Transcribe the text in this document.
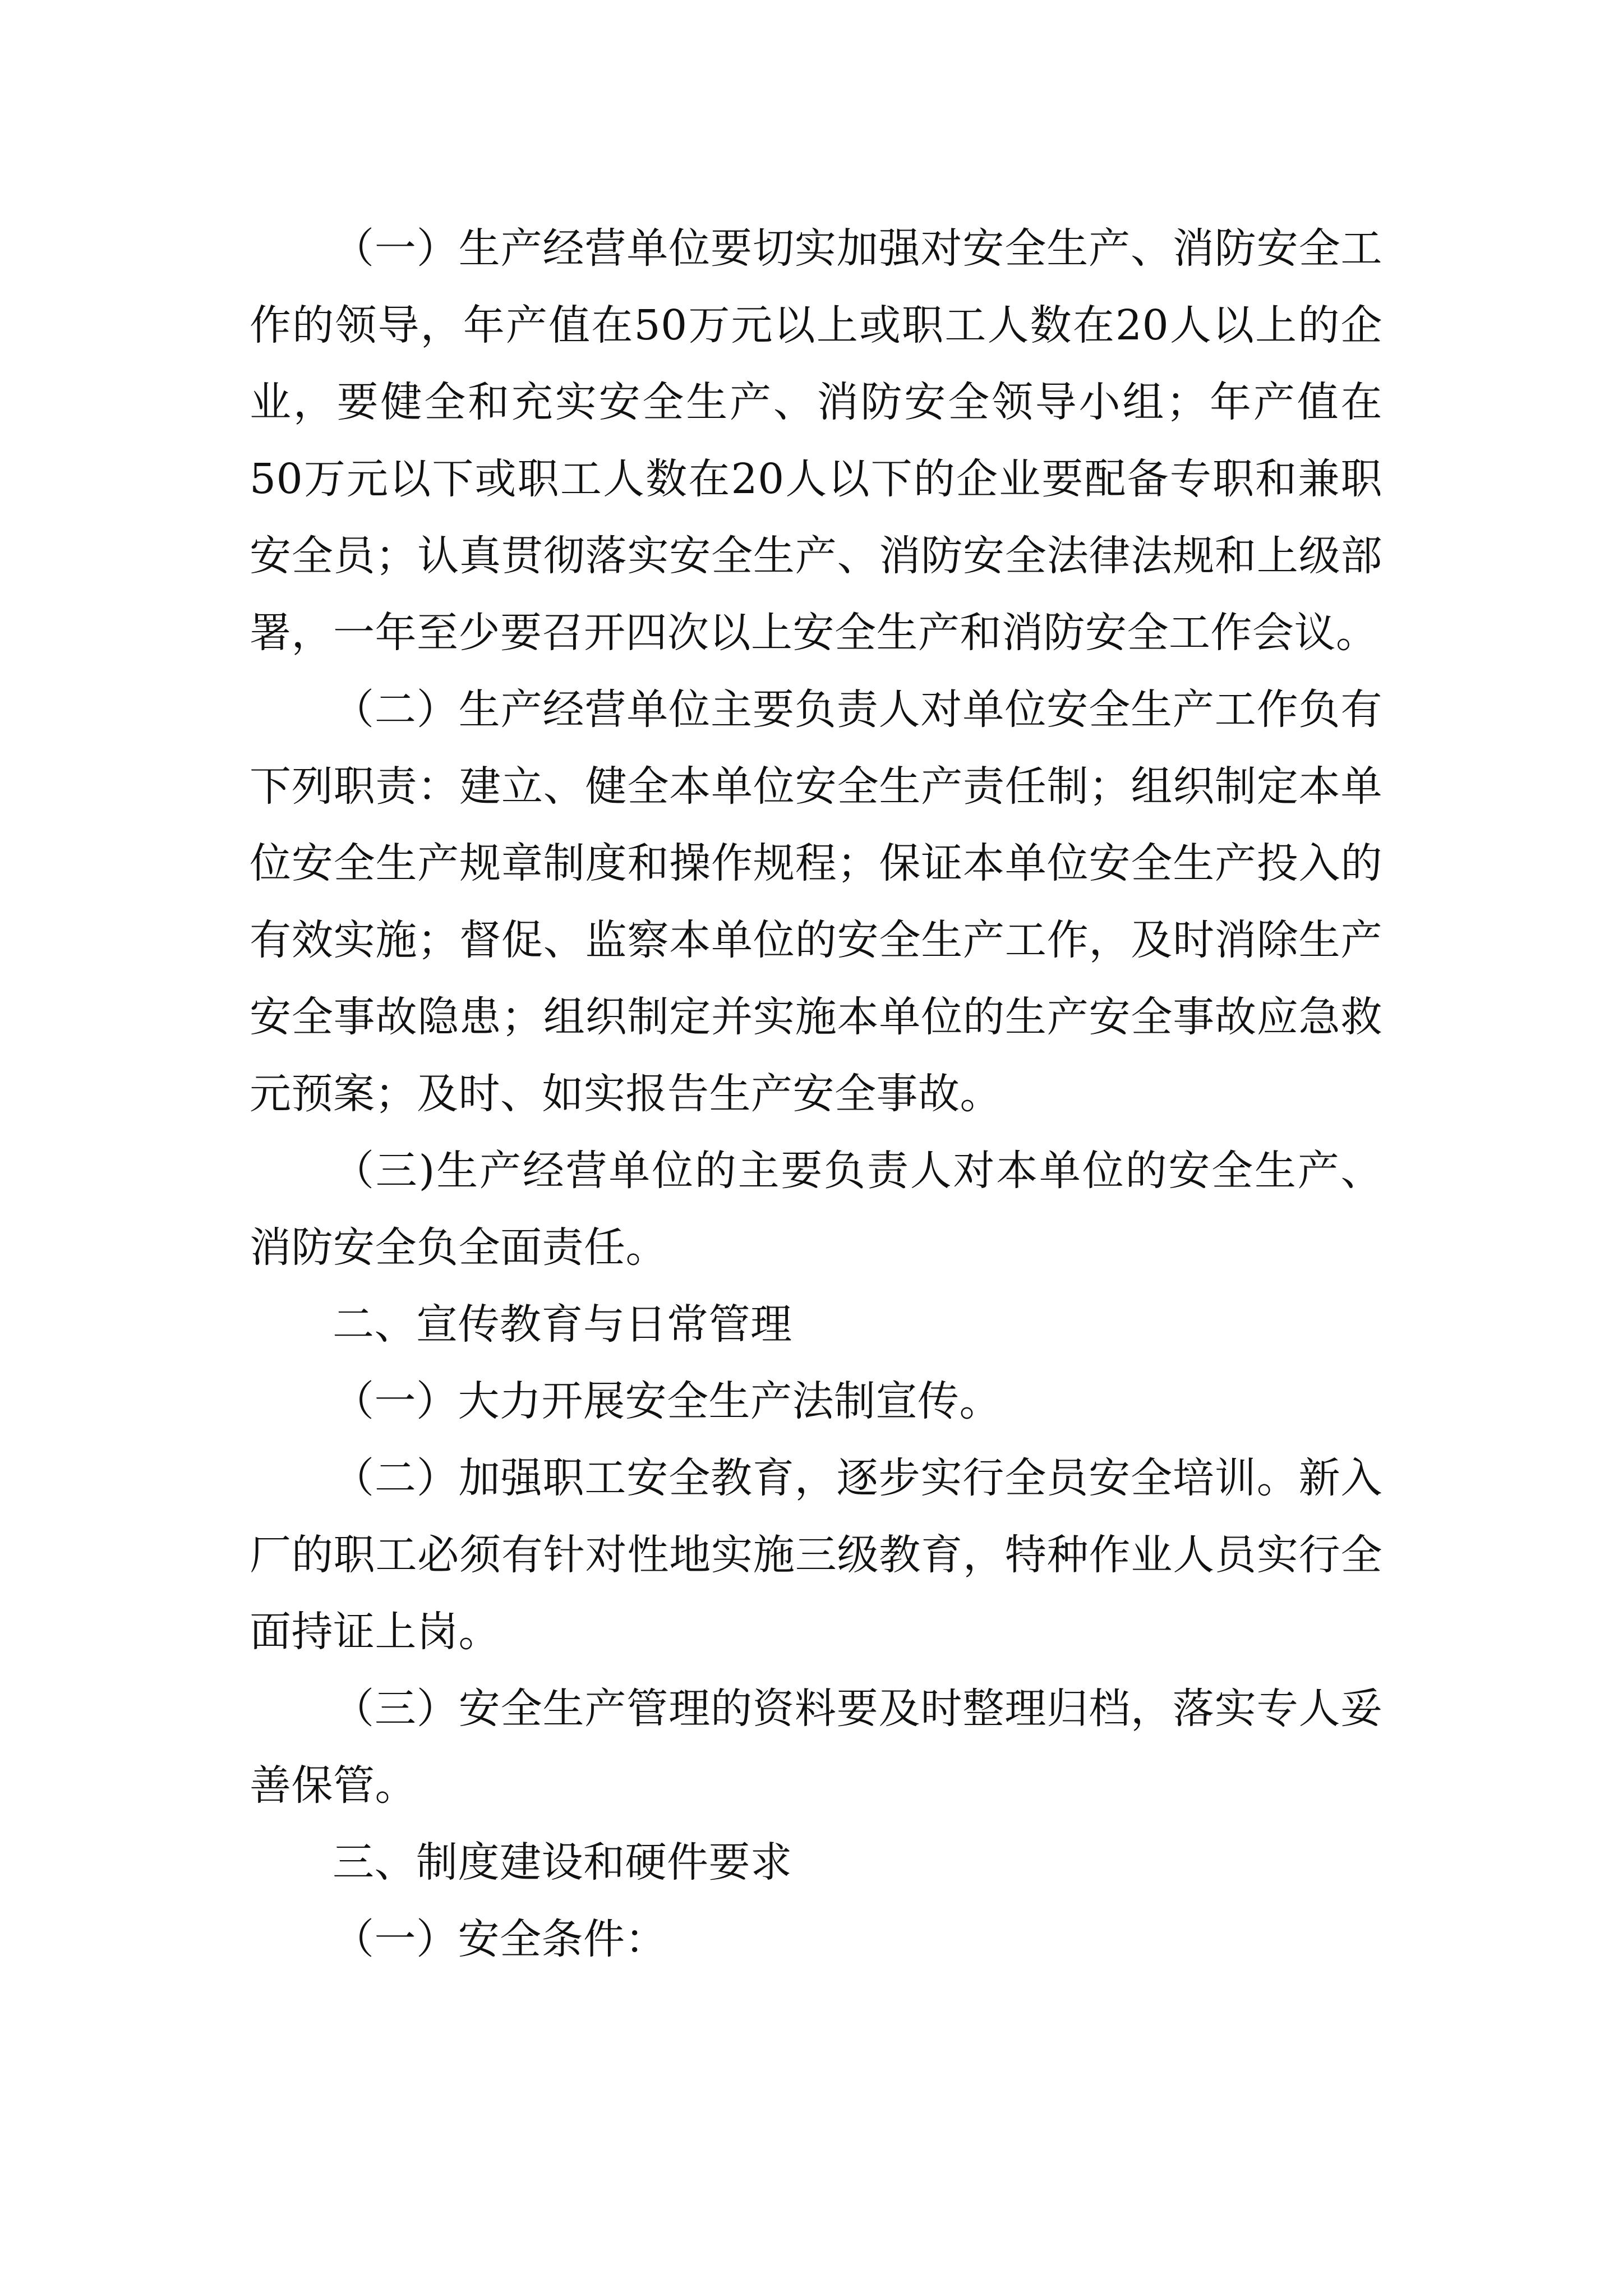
（一）生产经营单位要切实加强对安全生产、消防安全工作的领导，年产值在50万元以上或职工人数在20人以上的企业，要健全和充实安全生产、消防安全领导小组；年产值在50万元以下或职工人数在20人以下的企业要配备专职和兼职安全员；认真贯彻落实安全生产、消防安全法律法规和上级部署，一年至少要召开四次以上安全生产和消防安全工作会议。

（二）生产经营单位主要负责人对单位安全生产工作负有下列职责：建立、健全本单位安全生产责任制；组织制定本单位安全生产规章制度和操作规程；保证本单位安全生产投入的有效实施；督促、监察本单位的安全生产工作，及时消除生产安全事故隐患；组织制定并实施本单位的生产安全事故应急救元预案；及时、如实报告生产安全事故。

（三)生产经营单位的主要负责人对本单位的安全生产、消防安全负全面责任。

二、宣传教育与日常管理

（一）大力开展安全生产法制宣传。

（二）加强职工安全教育，逐步实行全员安全培训。新入厂的职工必须有针对性地实施三级教育，特种作业人员实行全面持证上岗。

（三）安全生产管理的资料要及时整理归档，落实专人妥善保管。

三、制度建设和硬件要求

（一）安全条件：
